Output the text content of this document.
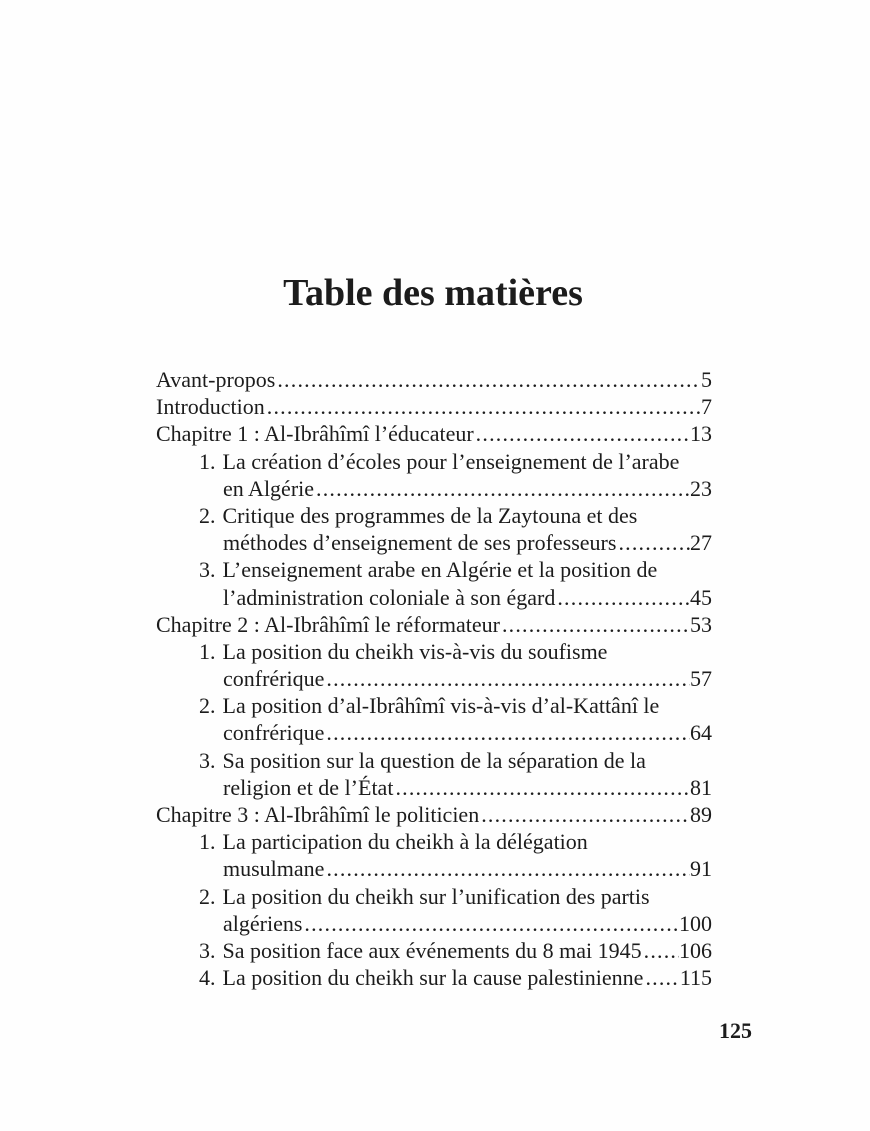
Table des matières
Avant-propos .....	5
Introduction .....	7
Chapitre 1 : Al-Ibrâhîmî l’éducateur .....	13
1. La création d’écoles pour l’enseignement de l’arabe
en Algérie .....	23
2. Critique des programmes de la Zaytouna et des
méthodes d’enseignement de ses professeurs .....	27
3. L’enseignement arabe en Algérie et la position de
l’administration coloniale à son égard .....	45
Chapitre 2 : Al-Ibrâhîmî le réformateur .....	53
1. La position du cheikh vis-à-vis du soufisme
confrérique .....	57
2. La position d’al-Ibrâhîmî vis-à-vis d’al-Kattânî le
confrérique .....	64
3. Sa position sur la question de la séparation de la
religion et de l’État .....	81
Chapitre 3 : Al-Ibrâhîmî le politicien .....	89
1. La participation du cheikh à la délégation
musulmane .....	91
2. La position du cheikh sur l’unification des partis
algériens .....	100
3. Sa position face aux événements du 8 mai 1945 ..... 106
4. La position du cheikh sur la cause palestinienne ..... 115
125
